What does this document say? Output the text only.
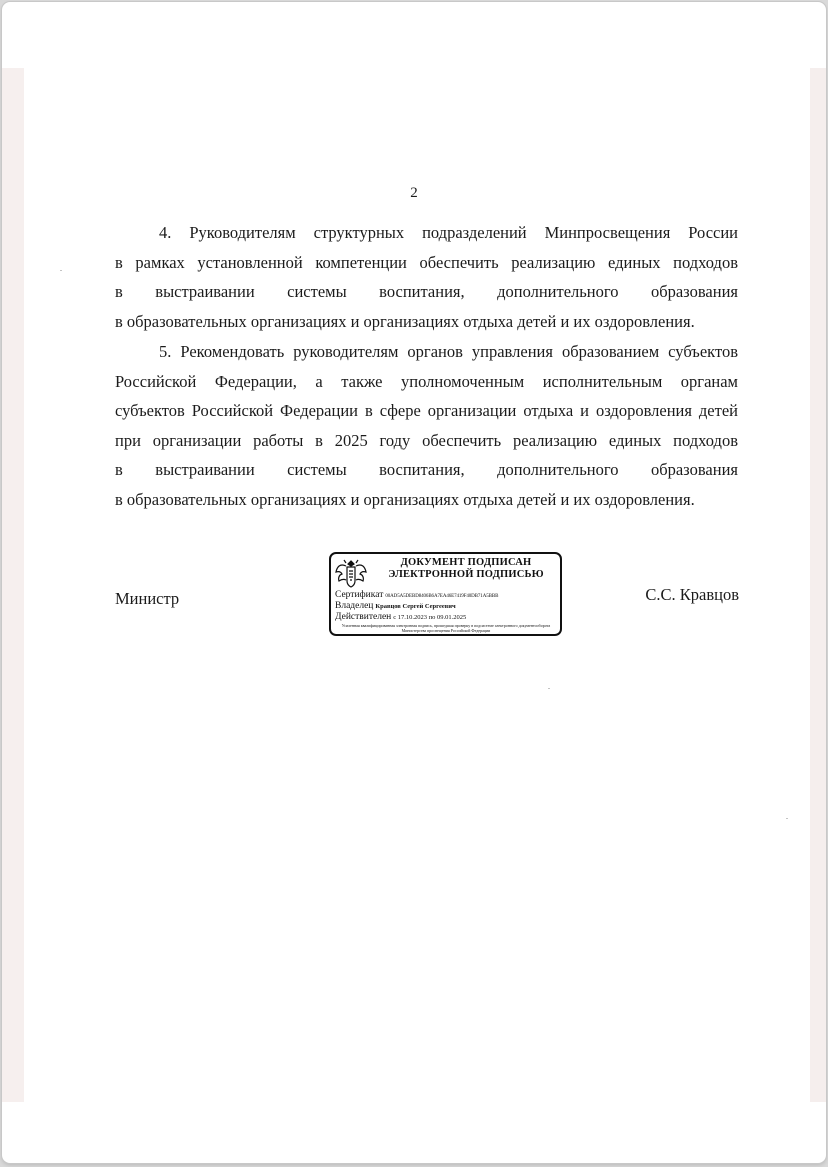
2
4. Руководителям структурных подразделений Минпросвещения России
в рамках установленной компетенции обеспечить реализацию единых подходов
в выстраивании системы воспитания, дополнительного образования
в образовательных организациях и организациях отдыха детей и их оздоровления.
5. Рекомендовать руководителям органов управления образованием субъектов
Российской Федерации, а также уполномоченным исполнительным органам
субъектов Российской Федерации в сфере организации отдыха и оздоровления детей
при организации работы в 2025 году обеспечить реализацию единых подходов
в выстраивании системы воспитания, дополнительного образования
в образовательных организациях и организациях отдыха детей и их оздоровления.
Министр	С.С. Кравцов
ДОКУМЕНТ ПОДПИСАН
ЭЛЕКТРОННОЙ ПОДПИСЬЮ
Сертификат 00AD5A5DEBD8406B6A7EA46E7419F40DB71A5BBB
Владелец Кравцов Сергей Сергеевич
Действителен с 17.10.2023 по 09.01.2025
Усиленная квалифицированная электронная подпись, прошедшая проверку в подсистеме электронного документооборота Министерства просвещения Российской Федерации
